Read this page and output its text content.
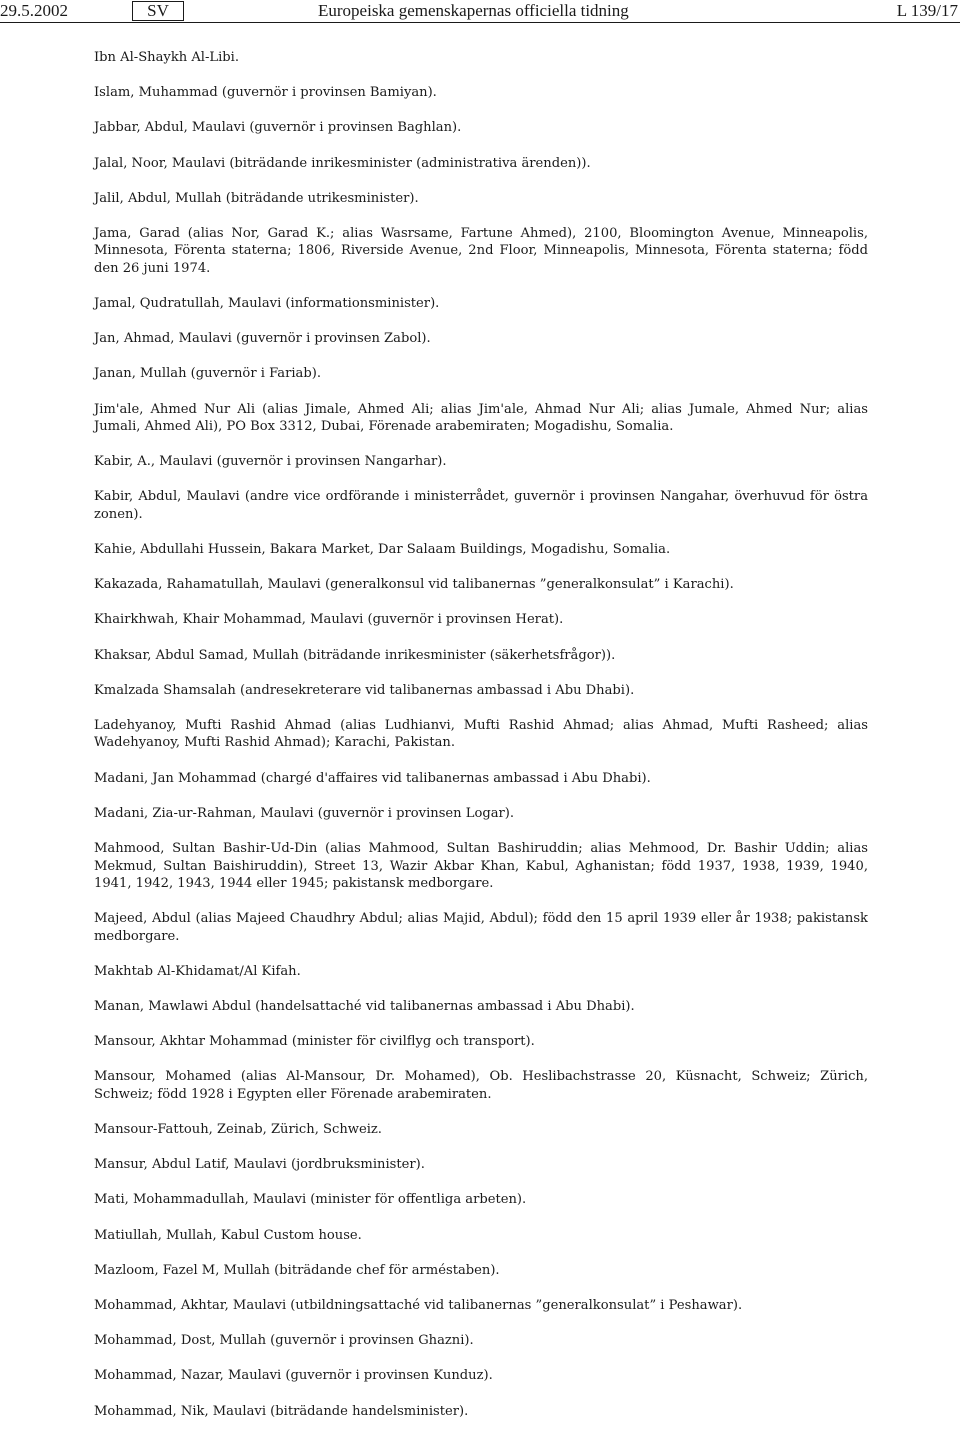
29.5.2002	SV	Europeiska gemenskapernas officiella tidning	L 139/17
Ibn Al-Shaykh Al-Libi.
Islam, Muhammad (guvernör i provinsen Bamiyan).
Jabbar, Abdul, Maulavi (guvernör i provinsen Baghlan).
Jalal, Noor, Maulavi (biträdande inrikesminister (administrativa ärenden)).
Jalil, Abdul, Mullah (biträdande utrikesminister).
Jama, Garad (alias Nor, Garad K.; alias Wasrsame, Fartune Ahmed), 2100, Bloomington Avenue, Minneapolis, Minnesota, Förenta staterna; 1806, Riverside Avenue, 2nd Floor, Minneapolis, Minnesota, Förenta staterna; född den 26 juni 1974.
Jamal, Qudratullah, Maulavi (informationsminister).
Jan, Ahmad, Maulavi (guvernör i provinsen Zabol).
Janan, Mullah (guvernör i Fariab).
Jim'ale, Ahmed Nur Ali (alias Jimale, Ahmed Ali; alias Jim'ale, Ahmad Nur Ali; alias Jumale, Ahmed Nur; alias Jumali, Ahmed Ali), PO Box 3312, Dubai, Förenade arabemiraten; Mogadishu, Somalia.
Kabir, A., Maulavi (guvernör i provinsen Nangarhar).
Kabir, Abdul, Maulavi (andre vice ordförande i ministerrådet, guvernör i provinsen Nangahar, överhuvud för östra zonen).
Kahie, Abdullahi Hussein, Bakara Market, Dar Salaam Buildings, Mogadishu, Somalia.
Kakazada, Rahamatullah, Maulavi (generalkonsul vid talibanernas ”generalkonsulat” i Karachi).
Khairkhwah, Khair Mohammad, Maulavi (guvernör i provinsen Herat).
Khaksar, Abdul Samad, Mullah (biträdande inrikesminister (säkerhetsfrågor)).
Kmalzada Shamsalah (andresekreterare vid talibanernas ambassad i Abu Dhabi).
Ladehyanoy, Mufti Rashid Ahmad (alias Ludhianvi, Mufti Rashid Ahmad; alias Ahmad, Mufti Rasheed; alias Wadehyanoy, Mufti Rashid Ahmad); Karachi, Pakistan.
Madani, Jan Mohammad (chargé d'affaires vid talibanernas ambassad i Abu Dhabi).
Madani, Zia-ur-Rahman, Maulavi (guvernör i provinsen Logar).
Mahmood, Sultan Bashir-Ud-Din (alias Mahmood, Sultan Bashiruddin; alias Mehmood, Dr. Bashir Uddin; alias Mekmud, Sultan Baishiruddin), Street 13, Wazir Akbar Khan, Kabul, Aghanistan; född 1937, 1938, 1939, 1940, 1941, 1942, 1943, 1944 eller 1945; pakistansk medborgare.
Majeed, Abdul (alias Majeed Chaudhry Abdul; alias Majid, Abdul); född den 15 april 1939 eller år 1938; pakistansk medborgare.
Makhtab Al-Khidamat/Al Kifah.
Manan, Mawlawi Abdul (handelsattaché vid talibanernas ambassad i Abu Dhabi).
Mansour, Akhtar Mohammad (minister för civilflyg och transport).
Mansour, Mohamed (alias Al-Mansour, Dr. Mohamed), Ob. Heslibachstrasse 20, Küsnacht, Schweiz; Zürich, Schweiz; född 1928 i Egypten eller Förenade arabemiraten.
Mansour-Fattouh, Zeinab, Zürich, Schweiz.
Mansur, Abdul Latif, Maulavi (jordbruksminister).
Mati, Mohammadullah, Maulavi (minister för offentliga arbeten).
Matiullah, Mullah, Kabul Custom house.
Mazloom, Fazel M, Mullah (biträdande chef för arméstaben).
Mohammad, Akhtar, Maulavi (utbildningsattaché vid talibanernas ”generalkonsulat” i Peshawar).
Mohammad, Dost, Mullah (guvernör i provinsen Ghazni).
Mohammad, Nazar, Maulavi (guvernör i provinsen Kunduz).
Mohammad, Nik, Maulavi (biträdande handelsminister).
